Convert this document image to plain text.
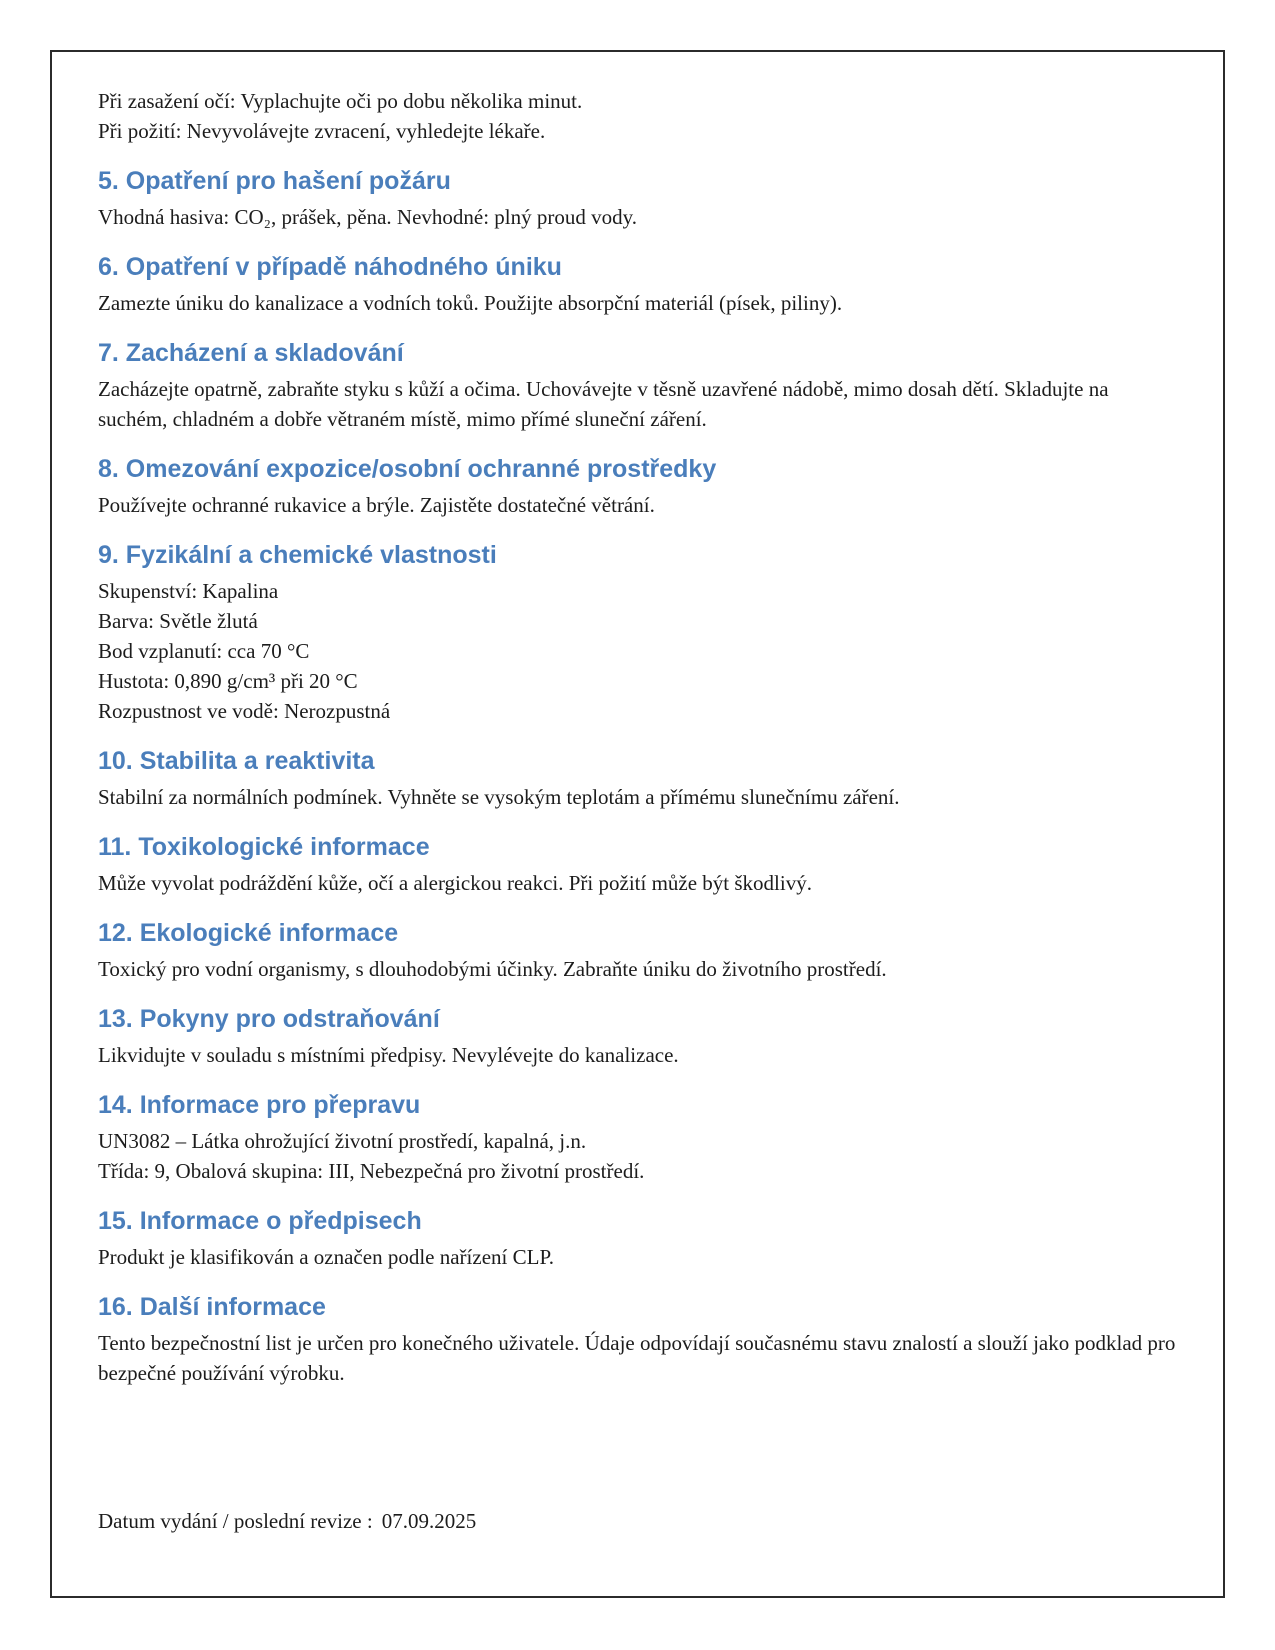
Při zasažení očí: Vyplachujte oči po dobu několika minut.

Při požití: Nevyvolávejte zvracení, vyhledejte lékaře.

5. Opatření pro hašení požáru

Vhodná hasiva: CO₂, prášek, pěna. Nevhodné: plný proud vody.

6. Opatření v případě náhodného úniku

Zamezte úniku do kanalizace a vodních toků. Použijte absorpční materiál (písek, piliny).

7. Zacházení a skladování

Zacházejte opatrně, zabraňte styku s kůží a očima. Uchovávejte v těsně uzavřené nádobě, mimo dosah dětí. Skladujte na suchém, chladném a dobře větraném místě, mimo přímé sluneční záření.

8. Omezování expozice/osobní ochranné prostředky

Používejte ochranné rukavice a brýle. Zajistěte dostatečné větrání.

9. Fyzikální a chemické vlastnosti

Skupenství: Kapalina

Barva: Světle žlutá

Bod vzplanutí: cca 70 °C

Hustota: 0,890 g/cm³ při 20 °C

Rozpustnost ve vodě: Nerozpustná

10. Stabilita a reaktivita

Stabilní za normálních podmínek. Vyhněte se vysokým teplotám a přímému slunečnímu záření.

11. Toxikologické informace

Může vyvolat podráždění kůže, očí a alergickou reakci. Při požití může být škodlivý.

12. Ekologické informace

Toxický pro vodní organismy, s dlouhodobými účinky. Zabraňte úniku do životního prostředí.

13. Pokyny pro odstraňování

Likvidujte v souladu s místními předpisy. Nevylévejte do kanalizace.

14. Informace pro přepravu

UN3082 – Látka ohrožující životní prostředí, kapalná, j.n.

Třída: 9, Obalová skupina: III, Nebezpečná pro životní prostředí.

15. Informace o předpisech

Produkt je klasifikován a označen podle nařízení CLP.

16. Další informace

Tento bezpečnostní list je určen pro konečného uživatele. Údaje odpovídají současnému stavu znalostí a slouží jako podklad pro bezpečné používání výrobku.

Datum vydání / poslední revize : 07.09.2025
